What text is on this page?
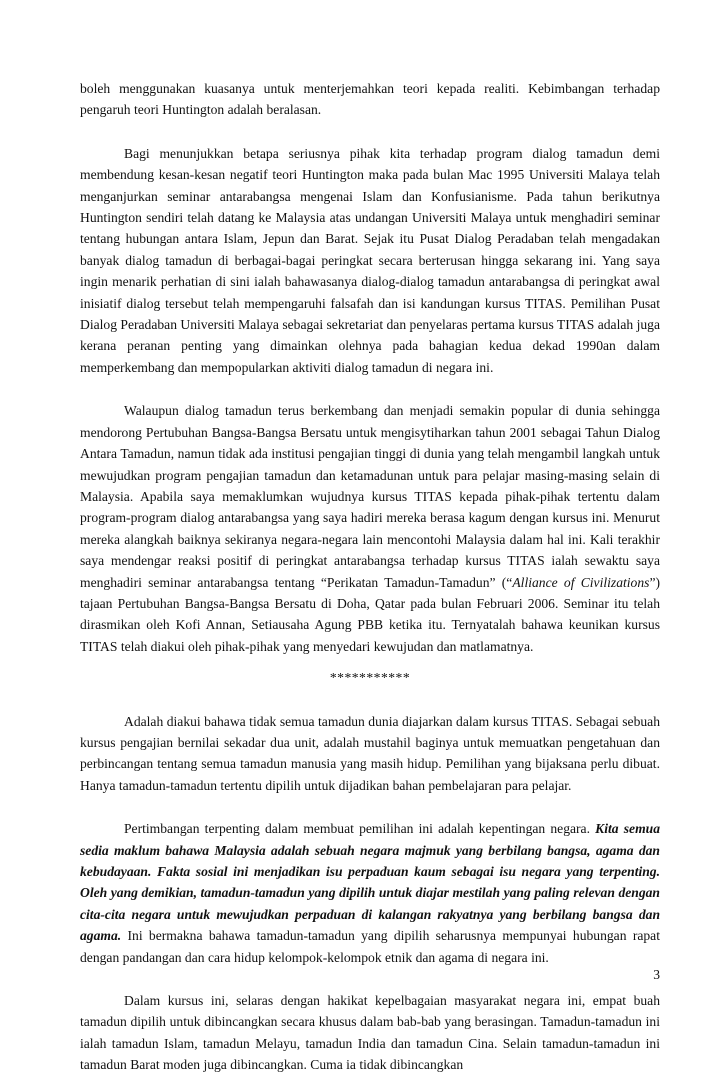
boleh menggunakan kuasanya untuk menterjemahkan teori kepada realiti. Kebimbangan terhadap pengaruh teori Huntington adalah beralasan.

Bagi menunjukkan betapa seriusnya pihak kita terhadap program dialog tamadun demi membendung kesan-kesan negatif teori Huntington maka pada bulan Mac 1995 Universiti Malaya telah menganjurkan seminar antarabangsa mengenai Islam dan Konfusianisme. Pada tahun berikutnya Huntington sendiri telah datang ke Malaysia atas undangan Universiti Malaya untuk menghadiri seminar tentang hubungan antara Islam, Jepun dan Barat. Sejak itu Pusat Dialog Peradaban telah mengadakan banyak dialog tamadun di berbagai-bagai peringkat secara berterusan hingga sekarang ini. Yang saya ingin menarik perhatian di sini ialah bahawasanya dialog-dialog tamadun antarabangsa di peringkat awal inisiatif dialog tersebut telah mempengaruhi falsafah dan isi kandungan kursus TITAS. Pemilihan Pusat Dialog Peradaban Universiti Malaya sebagai sekretariat dan penyelaras pertama kursus TITAS adalah juga kerana peranan penting yang dimainkan olehnya pada bahagian kedua dekad 1990an dalam memperkembang dan mempopularkan aktiviti dialog tamadun di negara ini.

Walaupun dialog tamadun terus berkembang dan menjadi semakin popular di dunia sehingga mendorong Pertubuhan Bangsa-Bangsa Bersatu untuk mengisytiharkan tahun 2001 sebagai Tahun Dialog Antara Tamadun, namun tidak ada institusi pengajian tinggi di dunia yang telah mengambil langkah untuk mewujudkan program pengajian tamadun dan ketamadunan untuk para pelajar masing-masing selain di Malaysia. Apabila saya memaklumkan wujudnya kursus TITAS kepada pihak-pihak tertentu dalam program-program dialog antarabangsa yang saya hadiri mereka berasa kagum dengan kursus ini. Menurut mereka alangkah baiknya sekiranya negara-negara lain mencontohi Malaysia dalam hal ini. Kali terakhir saya mendengar reaksi positif di peringkat antarabangsa terhadap kursus TITAS ialah sewaktu saya menghadiri seminar antarabangsa tentang “Perikatan Tamadun-Tamadun” (“Alliance of Civilizations”) tajaan Pertubuhan Bangsa-Bangsa Bersatu di Doha, Qatar pada bulan Februari 2006. Seminar itu telah dirasmikan oleh Kofi Annan, Setiausaha Agung PBB ketika itu. Ternyatalah bahawa keunikan kursus TITAS telah diakui oleh pihak-pihak yang menyedari kewujudan dan matlamatnya.

***********

Adalah diakui bahawa tidak semua tamadun dunia diajarkan dalam kursus TITAS. Sebagai sebuah kursus pengajian bernilai sekadar dua unit, adalah mustahil baginya untuk memuatkan pengetahuan dan perbincangan tentang semua tamadun manusia yang masih hidup. Pemilihan yang bijaksana perlu dibuat. Hanya tamadun-tamadun tertentu dipilih untuk dijadikan bahan pembelajaran para pelajar.

Pertimbangan terpenting dalam membuat pemilihan ini adalah kepentingan negara. Kita semua sedia maklum bahawa Malaysia adalah sebuah negara majmuk yang berbilang bangsa, agama dan kebudayaan. Fakta sosial ini menjadikan isu perpaduan kaum sebagai isu negara yang terpenting. Oleh yang demikian, tamadun-tamadun yang dipilih untuk diajar mestilah yang paling relevan dengan cita-cita negara untuk mewujudkan perpaduan di kalangan rakyatnya yang berbilang bangsa dan agama. Ini bermakna bahawa tamadun-tamadun yang dipilih seharusnya mempunyai hubungan rapat dengan pandangan dan cara hidup kelompok-kelompok etnik dan agama di negara ini.

Dalam kursus ini, selaras dengan hakikat kepelbagaian masyarakat negara ini, empat buah tamadun dipilih untuk dibincangkan secara khusus dalam bab-bab yang berasingan. Tamadun-tamadun ini ialah tamadun Islam, tamadun Melayu, tamadun India dan tamadun Cina. Selain tamadun-tamadun ini tamadun Barat moden juga dibincangkan. Cuma ia tidak dibincangkan

3
